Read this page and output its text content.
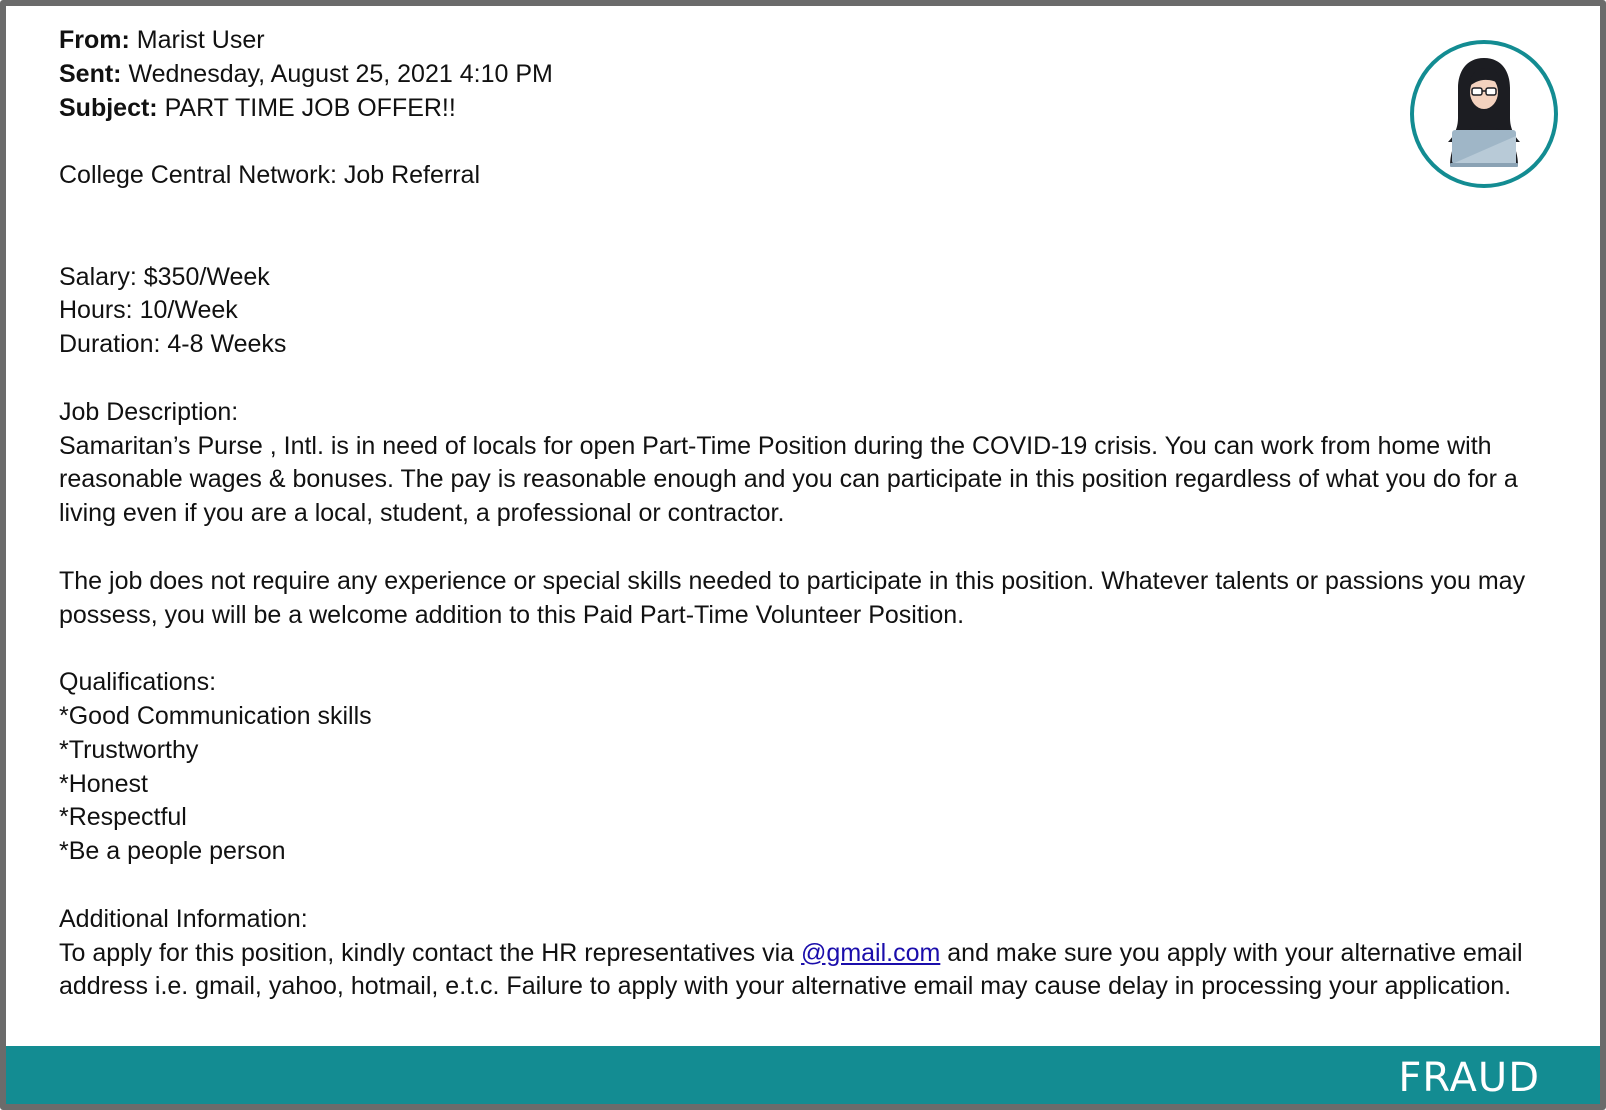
From: Marist User

Sent: Wednesday, August 25, 2021 4:10 PM

Subject: PART TIME JOB OFFER!!

College Central Network: Job Referral

Salary: $350/Week

Hours: 10/Week

Duration: 4-8 Weeks

Job Description:

Samaritan’s Purse , Intl. is in need of locals for open Part-Time Position during the COVID-19 crisis. You can work from home with reasonable wages & bonuses. The pay is reasonable enough and you can participate in this position regardless of what you do for a living even if you are a local, student, a professional or contractor.

The job does not require any experience or special skills needed to participate in this position. Whatever talents or passions you may possess, you will be a welcome addition to this Paid Part-Time Volunteer Position.

Qualifications:

*Good Communication skills

*Trustworthy

*Honest

*Respectful

*Be a people person

Additional Information:

To apply for this position, kindly contact the HR representatives via @gmail.com and make sure you apply with your alternative email address i.e. gmail, yahoo, hotmail, e.t.c. Failure to apply with your alternative email may cause delay in processing your application.

FRAUD
